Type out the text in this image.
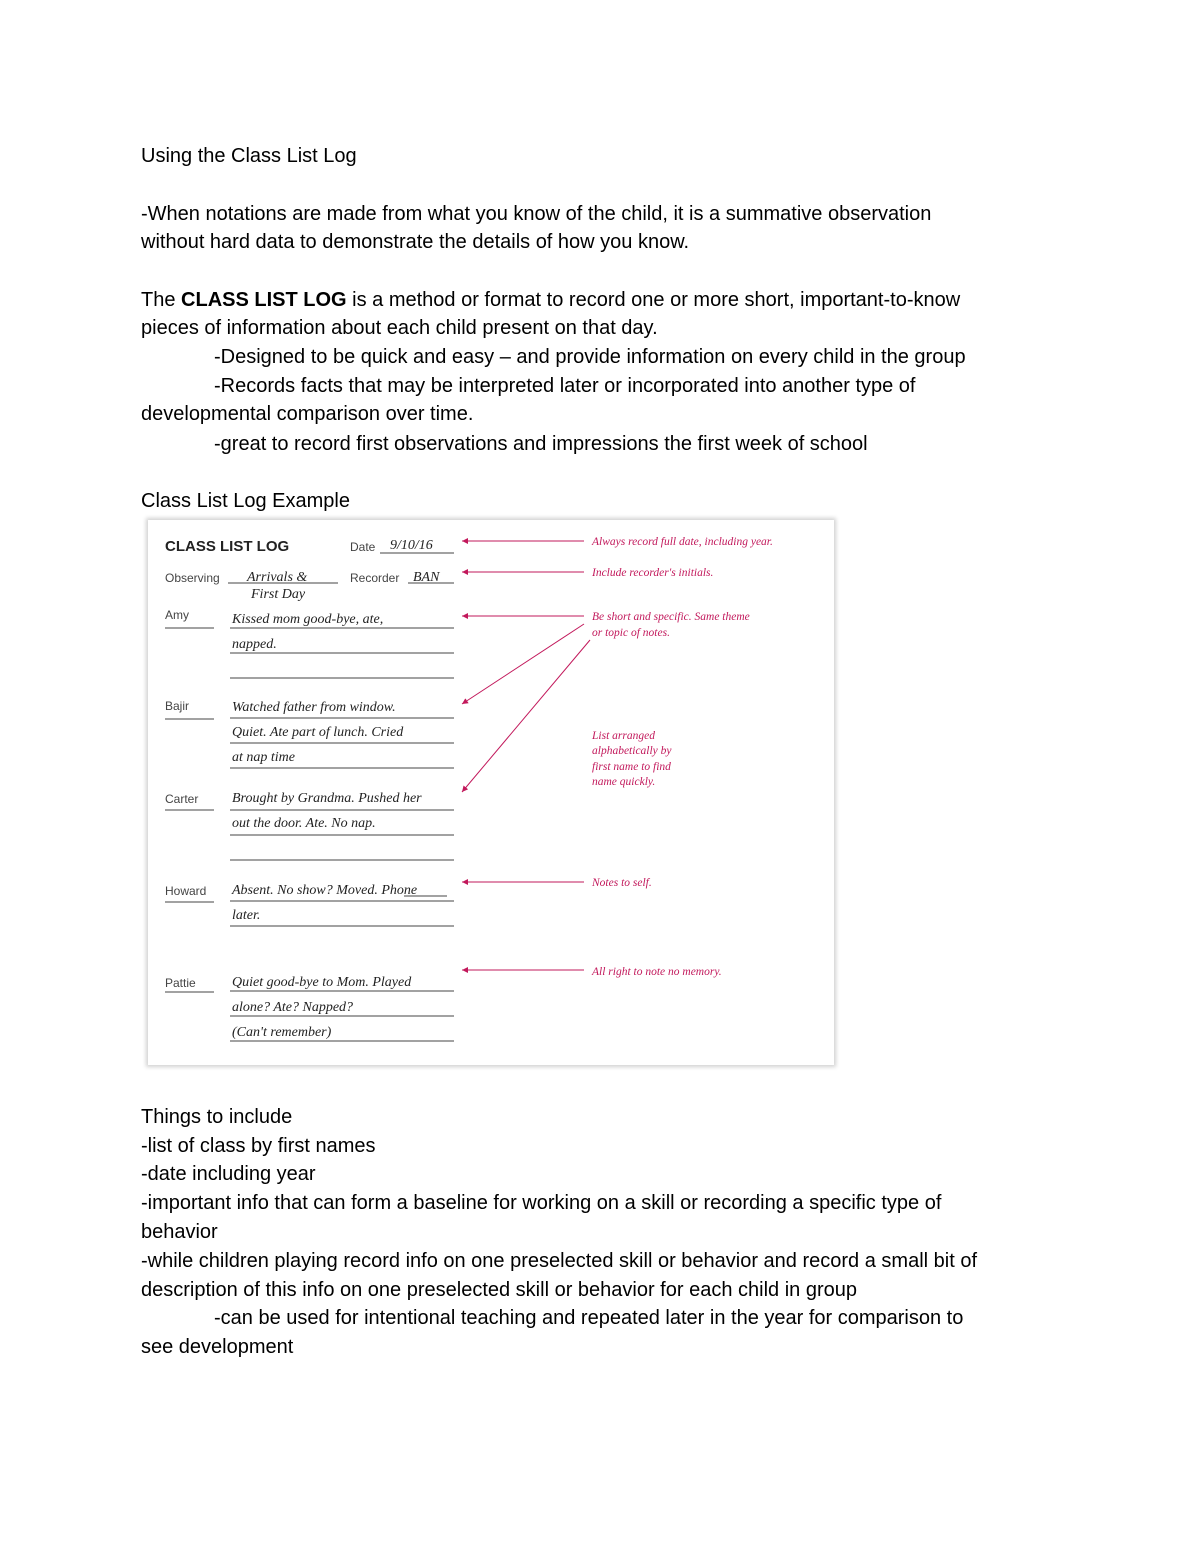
Using the Class List Log
-When notations are made from what you know of the child, it is a summative observation
without hard data to demonstrate the details of how you know.
The CLASS LIST LOG is a method or format to record one or more short, important-to-know
pieces of information about each child present on that day.
-Designed to be quick and easy – and provide information on every child in the group
-Records facts that may be interpreted later or incorporated into another type of
developmental comparison over time.
-great to record first observations and impressions the first week of school
Class List Log Example
CLASS LIST LOG	Date 9/10/16
Observing Arrivals &
First Day
Recorder BAN
Amy	Kissed mom good-bye, ate,
napped.
Bajir	Watched father from window.
Quiet. Ate part of lunch. Cried
at nap time
Carter Brought by Grandma. Pushed her
out the door. Ate. No nap.
Howard Absent. No show? Moved. Phone
later.
Pattie	Quiet good-bye to Mom. Played
alone? Ate? Napped?
(Can't remember)
Always record full date, including year.
Include recorder's initials.
Be short and specific. Same theme
or topic of notes.
List arranged
alphabetically by
first name to find
name quickly.
Notes to self.
All right to note no memory.
Things to include
-list of class by first names
-date including year
-important info that can form a baseline for working on a skill or recording a specific type of
behavior
-while children playing record info on one preselected skill or behavior and record a small bit of
description of this info on one preselected skill or behavior for each child in group
-can be used for intentional teaching and repeated later in the year for comparison to
see development
